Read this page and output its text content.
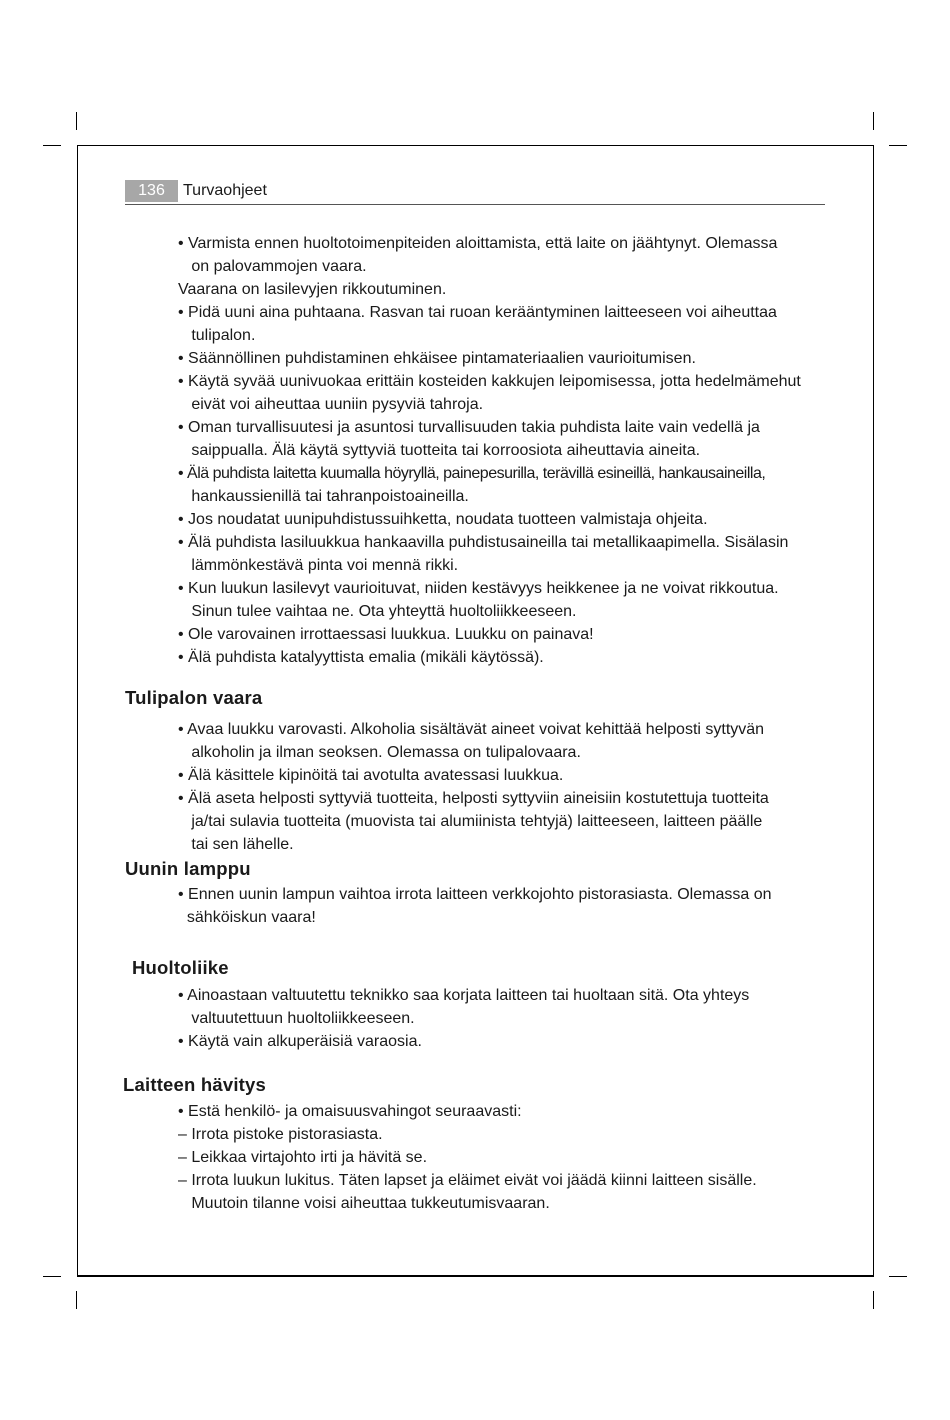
136	Turvaohjeet
• Varmista ennen huoltotoimenpiteiden aloittamista, että laite on jäähtynyt. Olemassa
on palovammojen vaara.
Vaarana on lasilevyjen rikkoutuminen.
• Pidä uuni aina puhtaana. Rasvan tai ruoan kerääntyminen laitteeseen voi aiheuttaa
tulipalon.
• Säännöllinen puhdistaminen ehkäisee pintamateriaalien vaurioitumisen.
• Käytä syvää uunivuokaa erittäin kosteiden kakkujen leipomisessa, jotta hedelmämehut
eivät voi aiheuttaa uuniin pysyviä tahroja.
• Oman turvallisuutesi ja asuntosi turvallisuuden takia puhdista laite vain vedellä ja
saippualla. Älä käytä syttyviä tuotteita tai korroosiota aiheuttavia aineita.
• Älä puhdista laitetta kuumalla höyryllä, painepesurilla, terävillä esineillä, hankausaineilla,
hankaussienillä tai tahranpoistoaineilla.
• Jos noudatat uunipuhdistussuihketta, noudata tuotteen valmistaja ohjeita.
• Älä puhdista lasiluukkua hankaavilla puhdistusaineilla tai metallikaapimella. Sisälasin
lämmönkestävä pinta voi mennä rikki.
• Kun luukun lasilevyt vaurioituvat, niiden kestävyys heikkenee ja ne voivat rikkoutua.
Sinun tulee vaihtaa ne. Ota yhteyttä huoltoliikkeeseen.
• Ole varovainen irrottaessasi luukkua. Luukku on painava!
• Älä puhdista katalyyttista emalia (mikäli käytössä).
Tulipalon vaara
• Avaa luukku varovasti. Alkoholia sisältävät aineet voivat kehittää helposti syttyvän
alkoholin ja ilman seoksen. Olemassa on tulipalovaara.
• Älä käsittele kipinöitä tai avotulta avatessasi luukkua.
• Älä aseta helposti syttyviä tuotteita, helposti syttyviin aineisiin kostutettuja tuotteita
ja/tai sulavia tuotteita (muovista tai alumiinista tehtyjä) laitteeseen, laitteen päälle
tai sen lähelle.
Uunin lamppu
• Ennen uunin lampun vaihtoa irrota laitteen verkkojohto pistorasiasta. Olemassa on
sähköiskun vaara!
Huoltoliike
• Ainoastaan valtuutettu teknikko saa korjata laitteen tai huoltaan sitä. Ota yhteys
valtuutettuun huoltoliikkeeseen.
• Käytä vain alkuperäisiä varaosia.
Laitteen hävitys
• Estä henkilö- ja omaisuusvahingot seuraavasti:
– Irrota pistoke pistorasiasta.
– Leikkaa virtajohto irti ja hävitä se.
– Irrota luukun lukitus. Täten lapset ja eläimet eivät voi jäädä kiinni laitteen sisälle.
Muutoin tilanne voisi aiheuttaa tukkeutumisvaaran.
